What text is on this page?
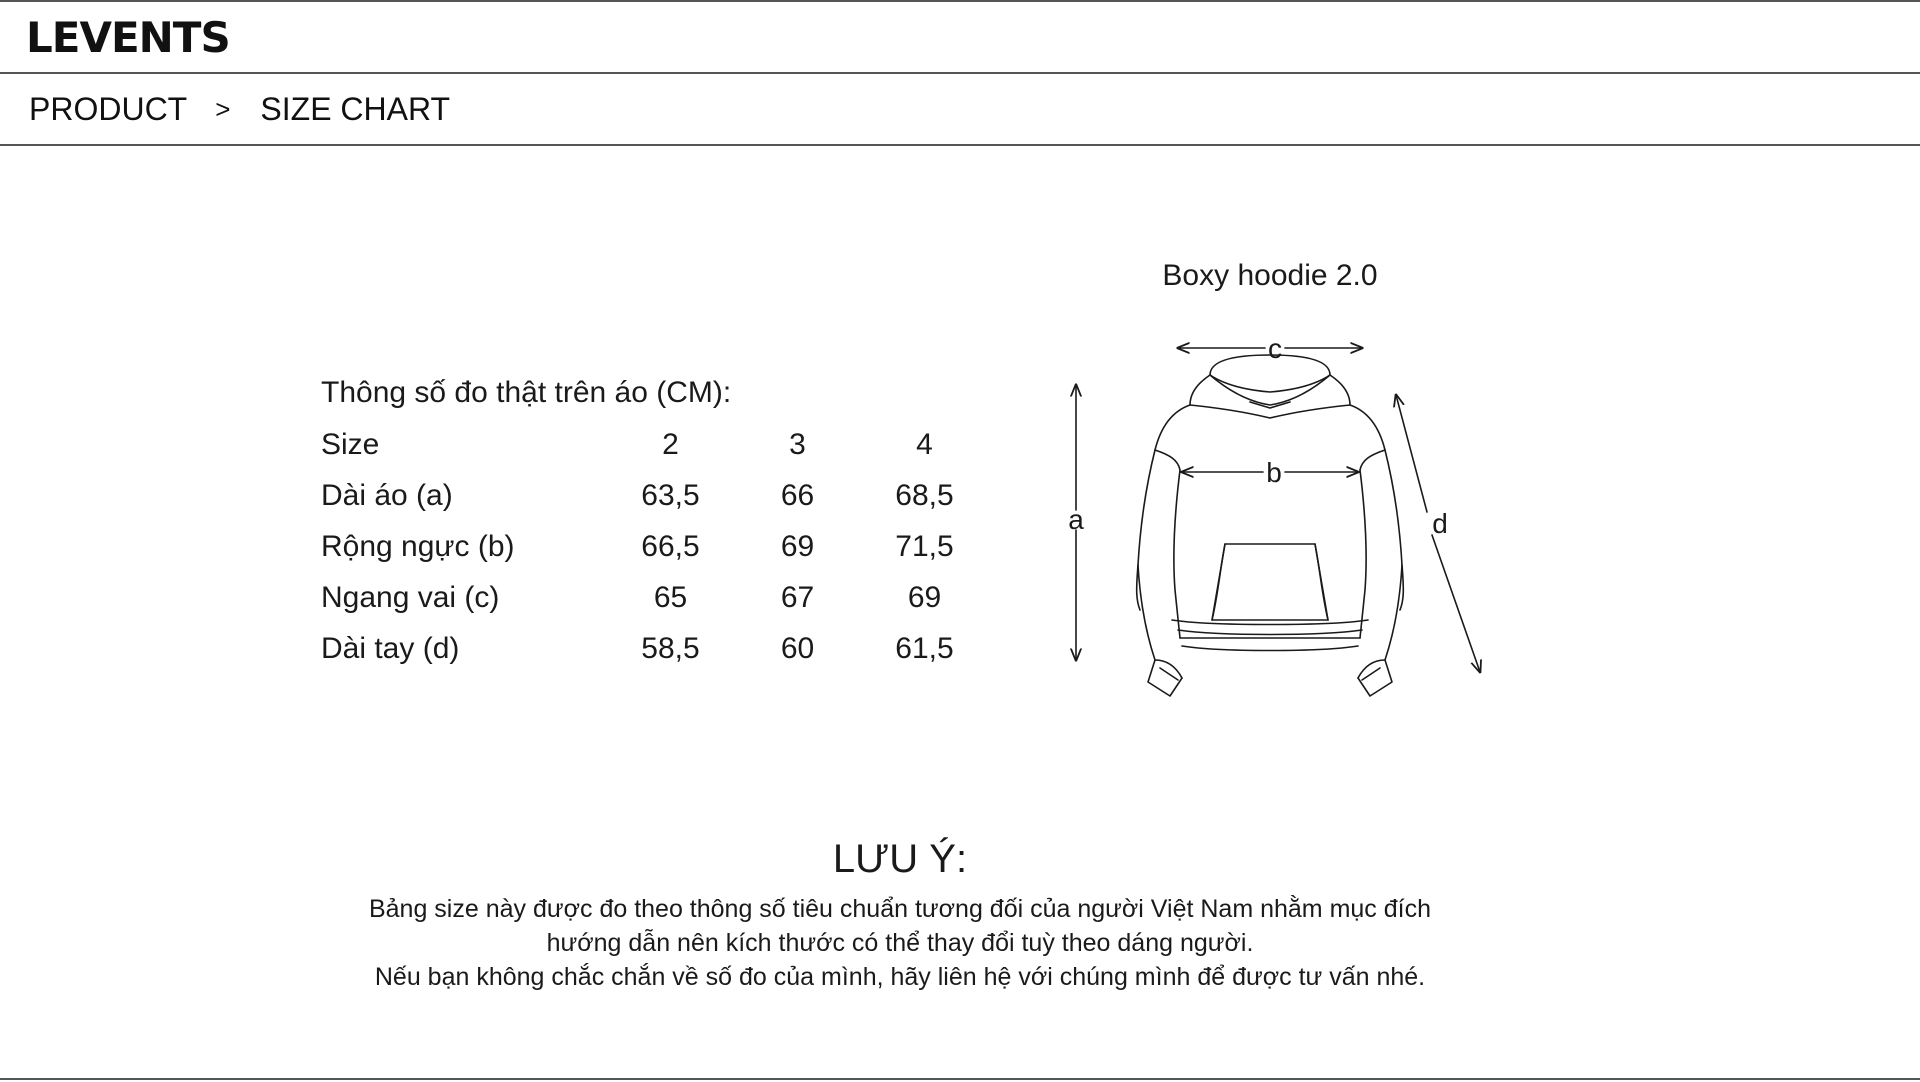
LEVENTS
PRODUCT > SIZE CHART
Thông số đo thật trên áo (CM):
Size	2	3	4
Dài áo (a)	63,5	66	68,5
Rộng ngực (b)	66,5	69	71,5
Ngang vai (c)	65	67	69
Dài tay (d)	58,5	60	61,5
Boxy hoodie 2.0
c
b
a	d
LƯU Ý:
Bảng size này được đo theo thông số tiêu chuẩn tương đối của người Việt Nam nhằm mục đích
hướng dẫn nên kích thước có thể thay đổi tuỳ theo dáng người.
Nếu bạn không chắc chắn về số đo của mình, hãy liên hệ với chúng mình để được tư vấn nhé.
